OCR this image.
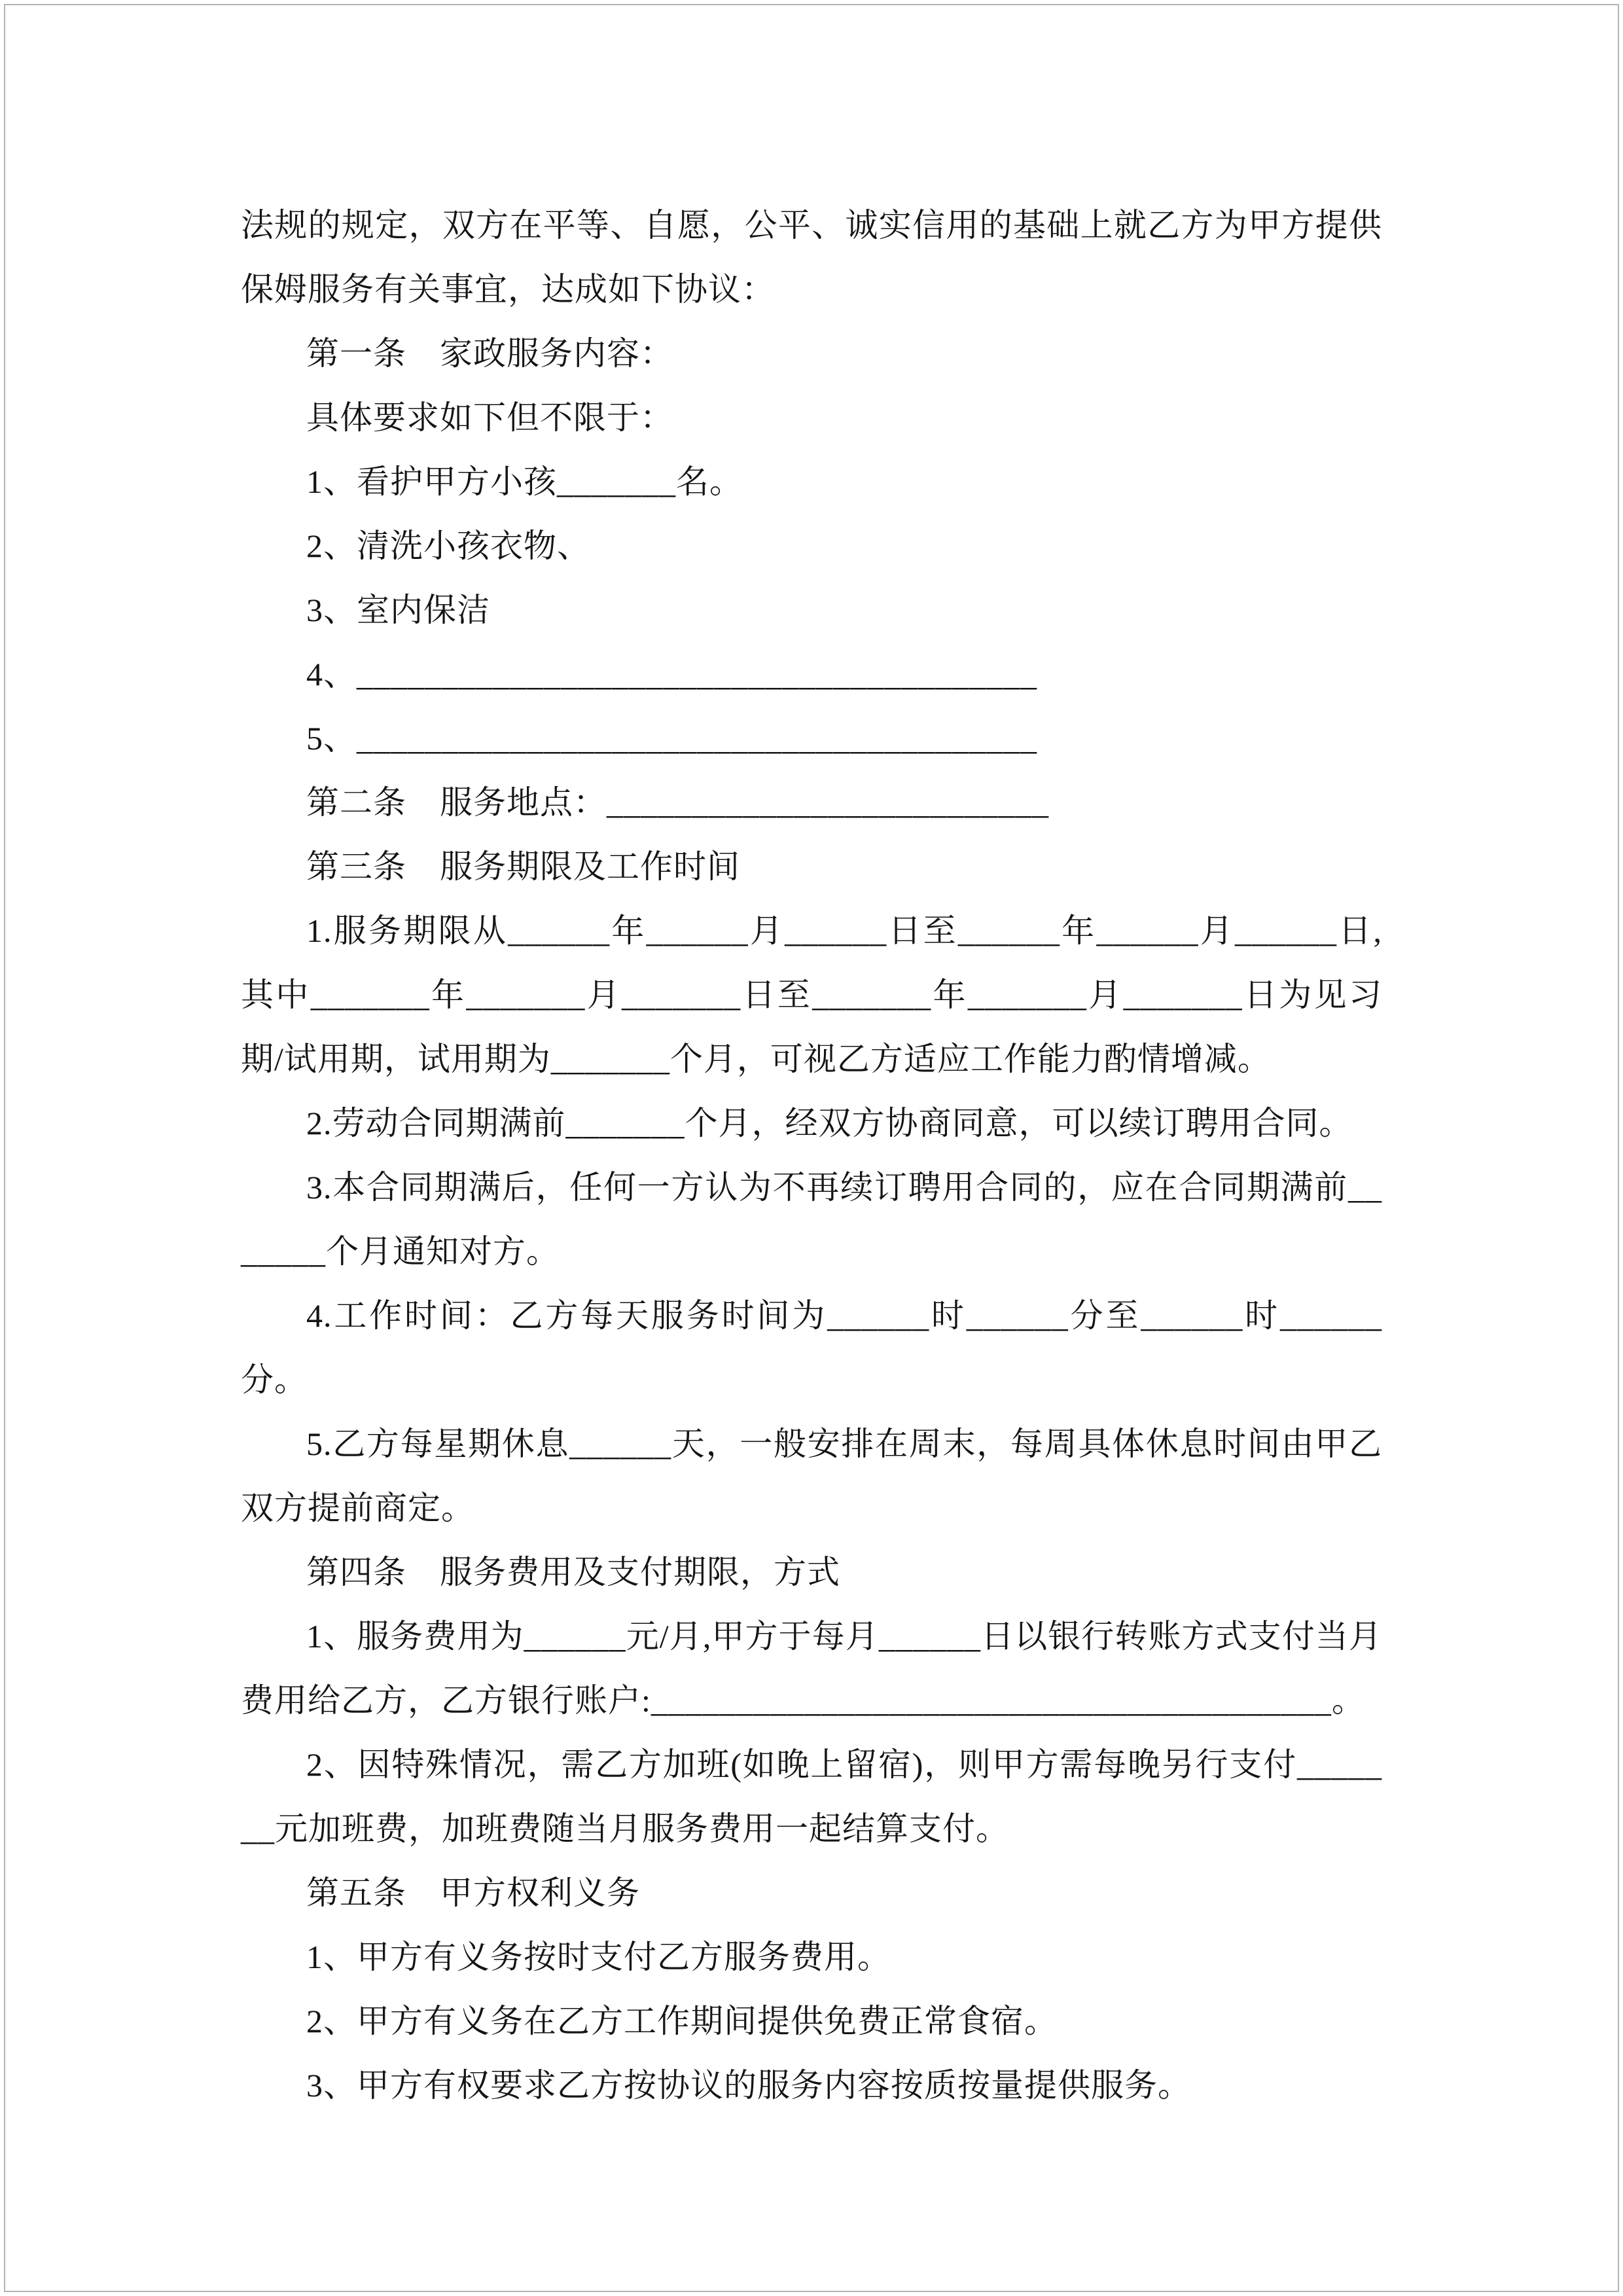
法规的规定，双方在平等、自愿，公平、诚实信用的基础上就乙方为甲方提供保姆服务有关事宜，达成如下协议：

第一条　家政服务内容：

具体要求如下但不限于：

1、看护甲方小孩_______名。

2、清洗小孩衣物、

3、室内保洁

4、________________________________________

5、________________________________________

第二条　服务地点：__________________________

第三条　服务期限及工作时间

1.服务期限从______年______月______日至______年______月______日,其中_______年_______月_______日至_______年_______月_______日为见习期/试用期，试用期为_______个月，可视乙方适应工作能力酌情增减。

2.劳动合同期满前_______个月，经双方协商同意，可以续订聘用合同。

3.本合同期满后，任何一方认为不再续订聘用合同的，应在合同期满前_______个月通知对方。

4.工作时间：乙方每天服务时间为______时______分至______时______分。

5.乙方每星期休息______天，一般安排在周末，每周具体休息时间由甲乙双方提前商定。

第四条　服务费用及支付期限，方式

1、服务费用为______元/月,甲方于每月______日以银行转账方式支付当月费用给乙方，乙方银行账户:________________________________________。

2、因特殊情况，需乙方加班(如晚上留宿)，则甲方需每晚另行支付_______元加班费，加班费随当月服务费用一起结算支付。

第五条　甲方权利义务

1、甲方有义务按时支付乙方服务费用。

2、甲方有义务在乙方工作期间提供免费正常食宿。

3、甲方有权要求乙方按协议的服务内容按质按量提供服务。
